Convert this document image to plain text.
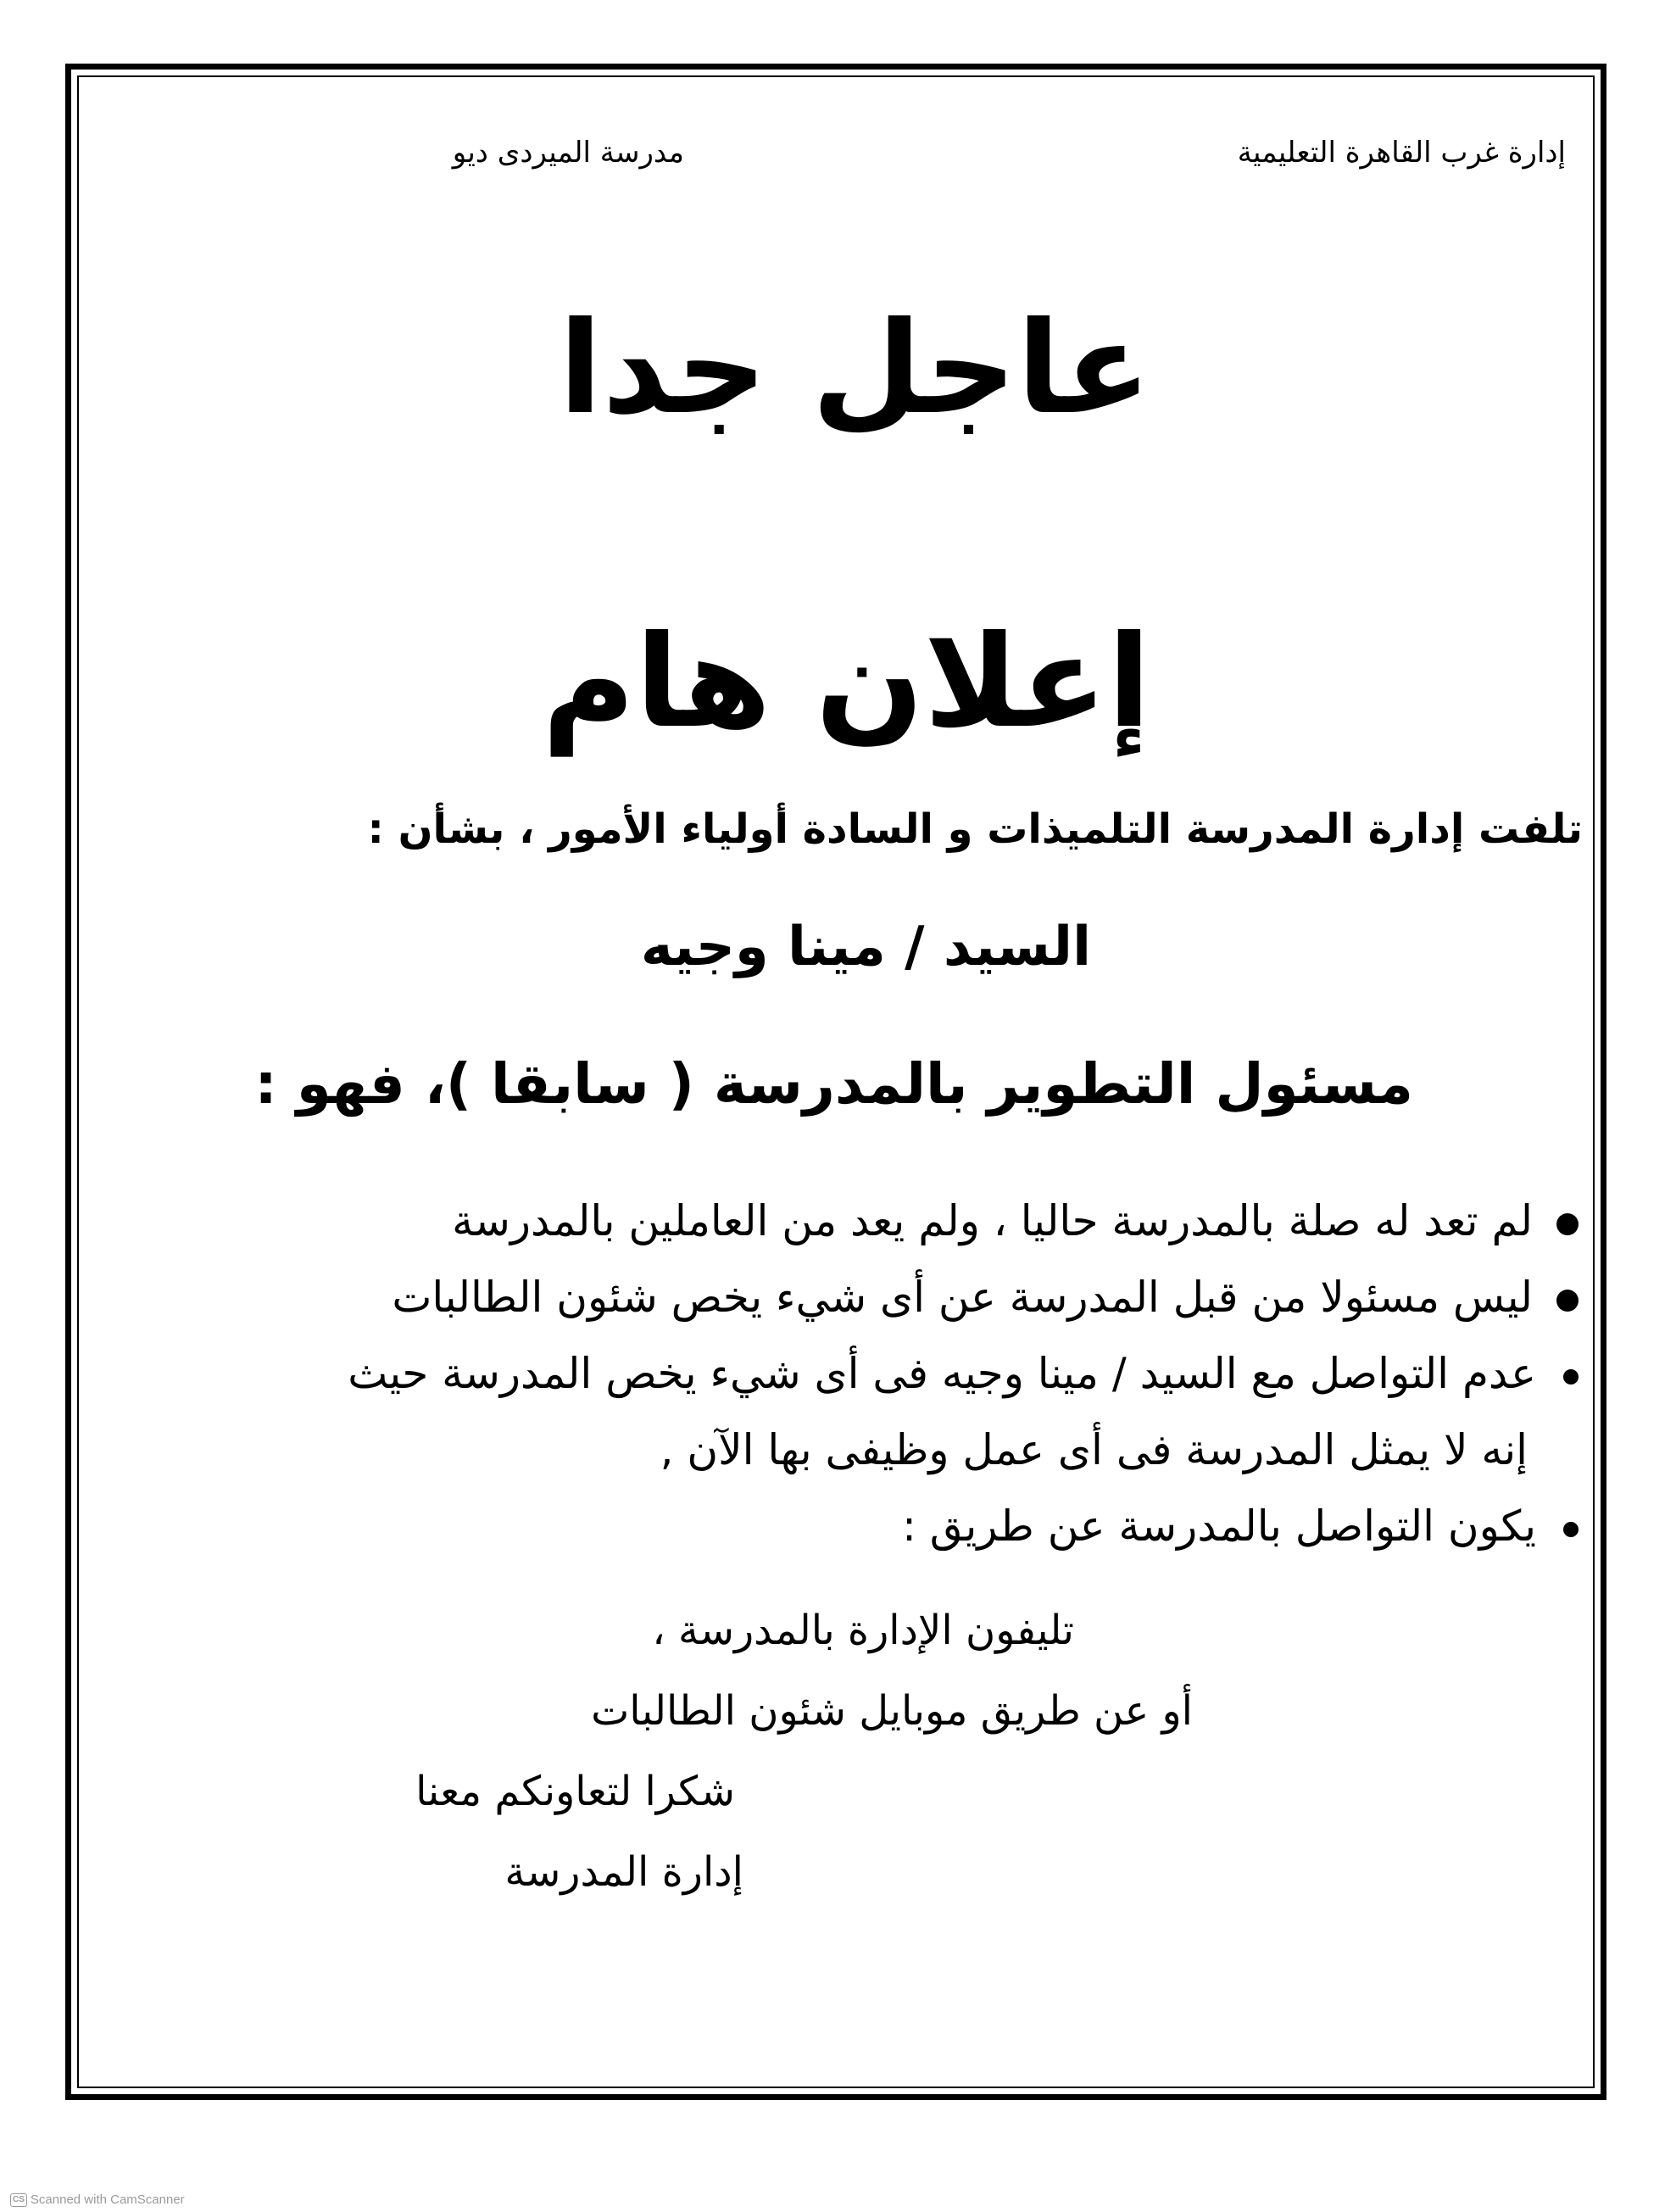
إدارة غرب القاهرة التعليمية

مدرسة الميردى ديو

عاجل جدا
إعلان هام

تلفت إدارة المدرسة التلميذات و السادة أولياء الأمور ، بشأن :

السيد / مينا وجيه

مسئول التطوير بالمدرسة ( سابقا )، فهو :

لم تعد له صلة بالمدرسة حاليا ، ولم يعد من العاملين بالمدرسة
ليس مسئولا من قبل المدرسة عن أى شيء يخص شئون الطالبات
عدم التواصل مع السيد / مينا وجيه فى أى شيء يخص المدرسة حيث
إنه لا يمثل المدرسة فى أى عمل وظيفى بها الآن ,
يكون التواصل بالمدرسة عن طريق :

تليفون الإدارة بالمدرسة ،

أو عن طريق موبايل شئون الطالبات

شكرا لتعاونكم معنا

إدارة المدرسة

CS Scanned with CamScanner
